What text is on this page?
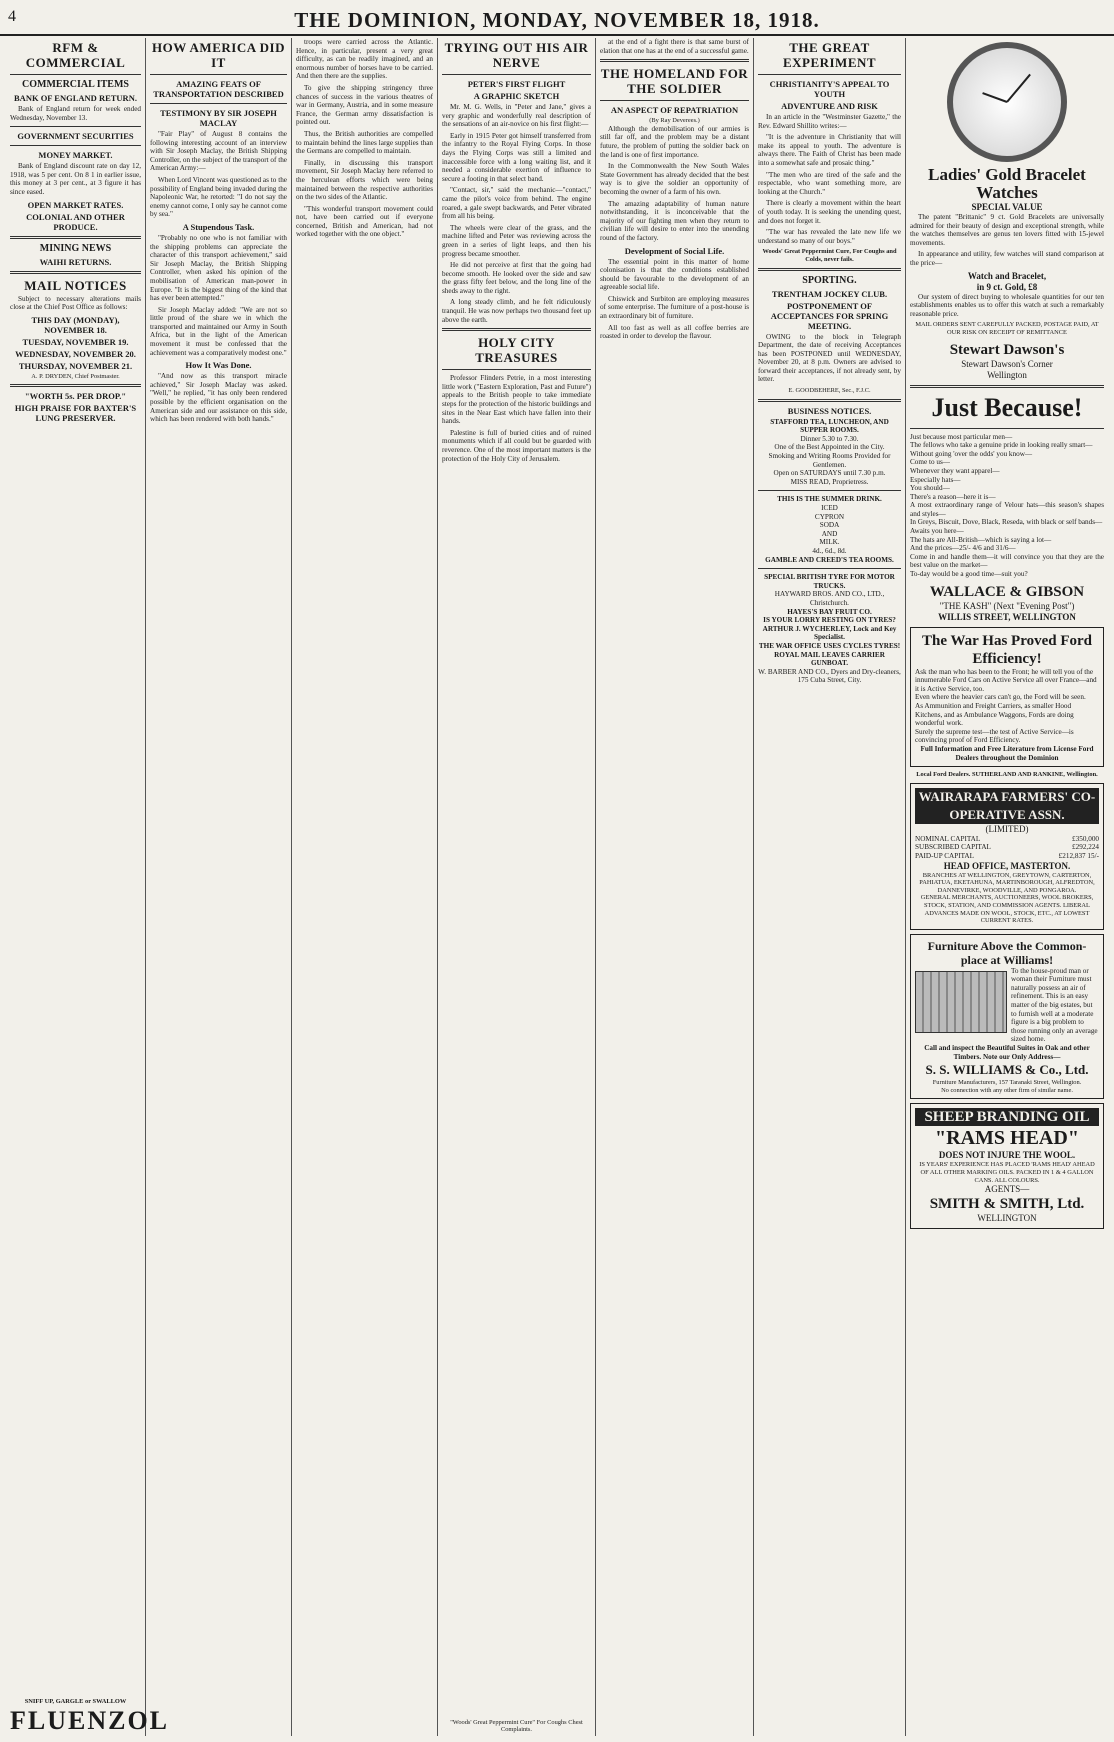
4	THE DOMINION, MONDAY, NOVEMBER 18, 1918.
RFM & COMMERCIAL
COMMERCIAL ITEMS
BANK OF ENGLAND RETURN.

Bank of England return for week ended Wednesday, November 13.

GOVERNMENT SECURITIES
MONEY MARKET.

Bank of England discount rate on day 12, 1918, was 5 per cent. On 8 1 in earlier issue, this money at 3 per cent., at 3 figure it has since eased.

OPEN MARKET RATES.
COLONIAL AND OTHER PRODUCE.
MINING NEWS
WAIHI RETURNS.
MAIL NOTICES

Subject to necessary alterations mails close at the Chief Post Office as follows:

THIS DAY (MONDAY), NOVEMBER 18.
TUESDAY, NOVEMBER 19.
WEDNESDAY, NOVEMBER 20.
THURSDAY, NOVEMBER 21.
A. P. DRYDEN, Chief Postmaster.
"WORTH 5s. PER DROP."
HIGH PRAISE FOR BAXTER'S LUNG PRESERVER.
SNIFF UP, GARGLE or SWALLOW
FLUENZOL
HOW AMERICA DID IT
AMAZING FEATS OF TRANSPORTATION DESCRIBED
TESTIMONY BY SIR JOSEPH MACLAY

"Fair Play" of August 8 contains the following interesting account of an interview with Sir Joseph Maclay, the British Shipping Controller, on the subject of the transport of the American Army:—

When Lord Vincent was questioned as to the possibility of England being invaded during the Napoleonic War, he retorted: "I do not say the enemy cannot come, I only say he cannot come by sea."

A Stupendous Task.

"Probably no one who is not familiar with the shipping problems can appreciate the character of this transport achievement," said Sir Joseph Maclay, the British Shipping Controller, when asked his opinion of the mobilisation of American man-power in Europe. "It is the biggest thing of the kind that has ever been attempted."

Sir Joseph Maclay added: "We are not so little proud of the share we in which the transported and maintained our Army in South Africa, but in the light of the American movement it must be confessed that the achievement was a comparatively modest one."

How It Was Done.

"And now as this transport miracle achieved," Sir Joseph Maclay was asked. "Well," he replied, "it has only been rendered possible by the efficient organisation on the American side and our assistance on this side, which has been rendered with both hands."

troops were carried across the Atlantic. Hence, in particular, present a very great difficulty, as can be readily imagined, and an enormous number of horses have to be carried. And then there are the supplies.

To give the shipping stringency three chances of success in the various theatres of war in Germany, Austria, and in some measure France, the German army dissatisfaction is pointed out.

Thus, the British authorities are compelled to maintain behind the lines large supplies than the Germans are compelled to maintain.

Finally, in discussing this transport movement, Sir Joseph Maclay here referred to the herculean efforts which were being maintained between the respective authorities on the two sides of the Atlantic.

"This wonderful transport movement could not, have been carried out if everyone concerned, British and American, had not worked together with the one object."

TRYING OUT HIS AIR NERVE
PETER'S FIRST FLIGHT
A GRAPHIC SKETCH

Mr. M. G. Wells, in "Peter and Jane," gives a very graphic and wonderfully real description of the sensations of an air-novice on his first flight:—

Early in 1915 Peter got himself transferred from the infantry to the Royal Flying Corps. In those days the Flying Corps was still a limited and inaccessible force with a long waiting list, and it needed a considerable exertion of influence to secure a footing in that select band.

"Contact, sir," said the mechanic—"contact," came the pilot's voice from behind. The engine roared, a gale swept backwards, and Peter vibrated from all his being.

The wheels were clear of the grass, and the machine lifted and Peter was reviewing across the green in a series of light leaps, and then his progress became smoother.

He did not perceive at first that the going had become smooth. He looked over the side and saw the grass fifty feet below, and the long line of the sheds away to the right.

A long steady climb, and he felt ridiculously tranquil. He was now perhaps two thousand feet up above the earth.

HOLY CITY TREASURES

Professor Flinders Petrie, in a most interesting little work ("Eastern Exploration, Past and Future") appeals to the British people to take immediate steps for the protection of the historic buildings and sites in the Near East which have fallen into their hands.

Palestine is full of buried cities and of ruined monuments which if all could but be guarded with reverence. One of the most important matters is the protection of the Holy City of Jerusalem.

"Woods' Great Peppermint Cure" For Coughs Chest Complaints.

at the end of a fight there is that same burst of elation that one has at the end of a successful game.

THE HOMELAND FOR THE SOLDIER
AN ASPECT OF REPATRIATION
(By Ray Deverees.)

Although the demobilisation of our armies is still far off, and the problem may be a distant future, the problem of putting the soldier back on the land is one of first importance.

In the Commonwealth the New South Wales State Government has already decided that the best way is to give the soldier an opportunity of becoming the owner of a farm of his own.

The amazing adaptability of human nature notwithstanding, it is inconceivable that the majority of our fighting men when they return to civilian life will desire to enter into the unending round of the factory.

Development of Social Life.

The essential point in this matter of home colonisation is that the conditions established should be favourable to the development of an agreeable social life.

Chiswick and Surbiton are employing measures of some enterprise. The furniture of a post-house is an extraordinary bit of furniture.

All too fast as well as all coffee berries are roasted in order to develop the flavour.

THE GREAT EXPERIMENT
CHRISTIANITY'S APPEAL TO YOUTH
ADVENTURE AND RISK

In an article in the "Westminster Gazette," the Rev. Edward Shillito writes:—

"It is the adventure in Christianity that will make its appeal to youth. The adventure is always there. The Faith of Christ has been made into a somewhat safe and prosaic thing."

"The men who are tired of the safe and the respectable, who want something more, are looking at the Church."

There is clearly a movement within the heart of youth today. It is seeking the unending quest, and does not forget it.

"The war has revealed the late new life we understand so many of our boys."

Woods' Great Peppermint Cure, For Coughs and Colds, never fails.
SPORTING.
TRENTHAM JOCKEY CLUB.
POSTPONEMENT OF ACCEPTANCES FOR SPRING MEETING.

OWING to the block in Telegraph Department, the date of receiving Acceptances has been POSTPONED until WEDNESDAY, November 20, at 8 p.m. Owners are advised to forward their acceptances, if not already sent, by letter.

E. GOODBEHERE, Sec., F.J.C.
BUSINESS NOTICES.
STAFFORD TEA, LUNCHEON, AND SUPPER ROOMS.
Dinner 5.30 to 7.30.
One of the Best Appointed in the City.
Smoking and Writing Rooms Provided for Gentlemen.
Open on SATURDAYS until 7.30 p.m.
MISS READ, Proprietress.
THIS IS THE SUMMER DRINK.
ICED
CYPRON
SODA
AND
MILK.
4d., 6d., 8d.
GAMBLE AND CREED'S TEA ROOMS.
SPECIAL BRITISH TYRE FOR MOTOR TRUCKS.
HAYWARD BROS. AND CO., LTD., Christchurch.
HAYES'S BAY FRUIT CO.
IS YOUR LORRY RESTING ON TYRES?
ARTHUR J. WYCHERLEY, Lock and Key Specialist.
THE WAR OFFICE USES CYCLES TYRES!
ROYAL MAIL LEAVES CARRIER GUNBOAT.
W. BARBER AND CO., Dyers and Dry-cleaners, 175 Cuba Street, City.
Ladies' Gold Bracelet Watches
SPECIAL VALUE

The patent "Brittanic" 9 ct. Gold Bracelets are universally admired for their beauty of design and exceptional strength, while the watches themselves are genus ten lovers fitted with 15-jewel movements.

In appearance and utility, few watches will stand comparison at the price—

Watch and Bracelet,
in 9 ct. Gold, £8

Our system of direct buying to wholesale quantities for our ten establishments enables us to offer this watch at such a remarkably reasonable price.

MAIL ORDERS SENT CAREFULLY PACKED, POSTAGE PAID, AT OUR RISK ON RECEIPT OF REMITTANCE
Stewart Dawson's
Stewart Dawson's Corner
Wellington
Just Because!
Just because most particular men—
The fellows who take a genuine pride in looking really smart—
Without going 'over the odds' you know—
Come to us—
Whenever they want apparel—
Especially hats—
You should—
There's a reason—here it is—
A most extraordinary range of Velour hats—this season's shapes and styles—
In Greys, Biscuit, Dove, Black, Reseda, with black or self bands—
Awaits you here—
The hats are All-British—which is saying a lot—
And the prices—25/- 4/6 and 31/6—
Come in and handle them—it will convince you that they are the best value on the market—
To-day would be a good time—suit you?
WALLACE & GIBSON
"THE KASH" (Next "Evening Post")
WILLIS STREET, WELLINGTON
The War Has Proved Ford Efficiency!
Ask the man who has been to the Front; he will tell you of the innumerable Ford Cars on Active Service all over France—and it is Active Service, too.
Even where the heavier cars can't go, the Ford will be seen.
As Ammunition and Freight Carriers, as smaller Hood Kitchens, and as Ambulance Waggons, Fords are doing wonderful work.
Surely the supreme test—the test of Active Service—is convincing proof of Ford Efficiency.
Full Information and Free Literature from License Ford Dealers throughout the Dominion
Local Ford Dealers. SUTHERLAND AND RANKINE, Wellington.
WAIRARAPA FARMERS' CO-OPERATIVE ASSN.
(LIMITED)
NOMINAL CAPITAL	£350,000
SUBSCRIBED CAPITAL	£292,224
PAID-UP CAPITAL	£212,837 15/-
HEAD OFFICE, MASTERTON.
BRANCHES AT WELLINGTON, GREYTOWN, CARTERTON, PAHIATUA, EKETAHUNA, MARTINBOROUGH, ALFREDTON, DANNEVIRKE, WOODVILLE, AND PONGAROA.
GENERAL MERCHANTS, AUCTIONEERS, WOOL BROKERS, STOCK, STATION, AND COMMISSION AGENTS. LIBERAL ADVANCES MADE ON WOOL, STOCK, ETC., AT LOWEST CURRENT RATES.
Furniture Above the Common-place at Williams!
To the house-proud man or woman their Furniture must naturally possess an air of refinement. This is an easy matter of the big estates, but to furnish well at a moderate figure is a big problem to those running only an average sized home.
Call and inspect the Beautiful Suites in Oak and other Timbers. Note our Only Address—
S. S. WILLIAMS & Co., Ltd.
Furniture Manufacturers, 157 Taranaki Street, Wellington.
No connection with any other firm of similar name.
SHEEP BRANDING OIL
"RAMS HEAD"
DOES NOT INJURE THE WOOL.
IS YEARS' EXPERIENCE HAS PLACED 'RAMS HEAD' AHEAD OF ALL OTHER MARKING OILS. PACKED IN 1 & 4 GALLON CANS. ALL COLOURS.
AGENTS—
SMITH & SMITH, Ltd.
WELLINGTON
